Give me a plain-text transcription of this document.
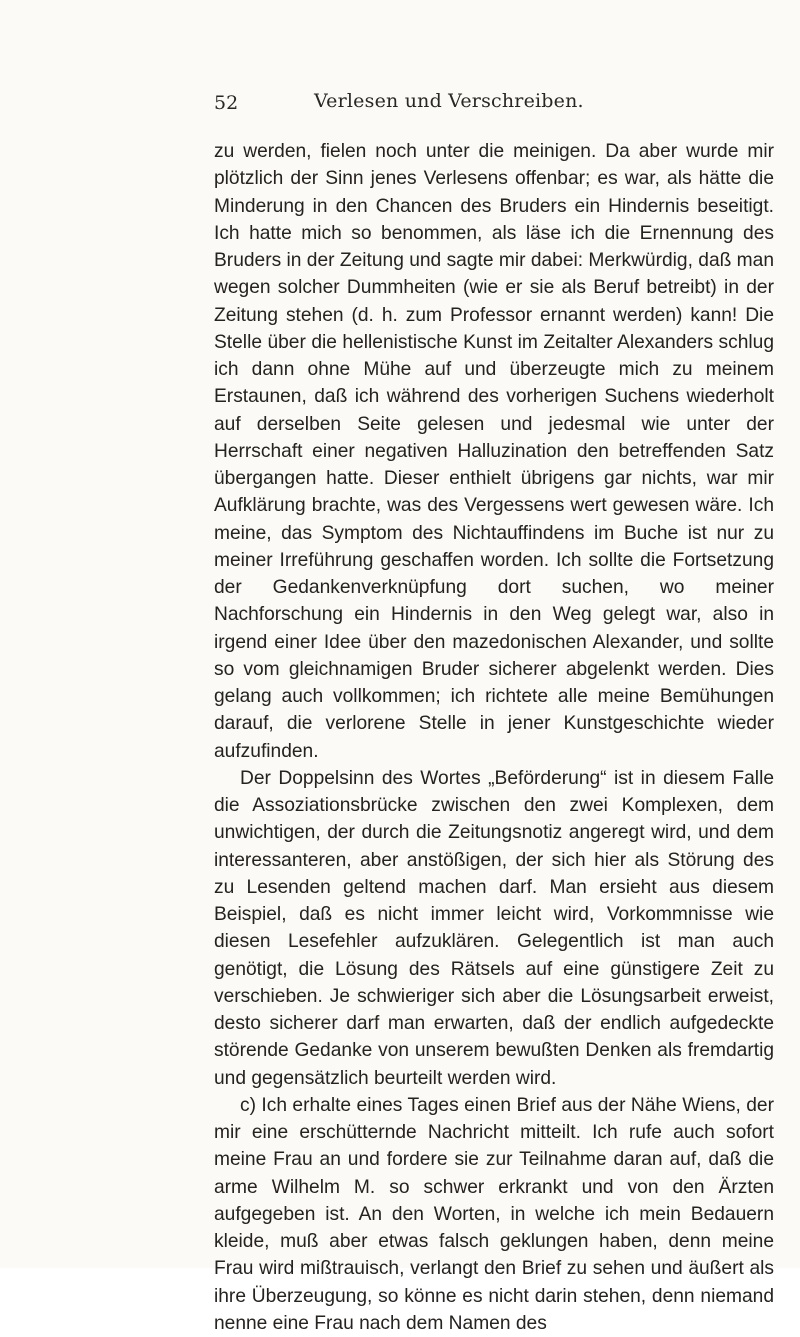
52	Verlesen und Verschreiben.

zu werden, fielen noch unter die meinigen. Da aber wurde mir plötzlich der Sinn jenes Verlesens offenbar; es war, als hätte die Minderung in den Chancen des Bruders ein Hindernis beseitigt. Ich hatte mich so benommen, als läse ich die Ernennung des Bruders in der Zeitung und sagte mir dabei: Merkwürdig, daß man wegen solcher Dummheiten (wie er sie als Beruf betreibt) in der Zeitung stehen (d. h. zum Professor ernannt werden) kann! Die Stelle über die hellenistische Kunst im Zeitalter Alexanders schlug ich dann ohne Mühe auf und überzeugte mich zu meinem Erstaunen, daß ich während des vorherigen Suchens wiederholt auf derselben Seite gelesen und jedesmal wie unter der Herrschaft einer negativen Halluzination den betreffenden Satz übergangen hatte. Dieser enthielt übrigens gar nichts, war mir Aufklärung brachte, was des Vergessens wert gewesen wäre. Ich meine, das Symptom des Nichtauffindens im Buche ist nur zu meiner Irreführung geschaffen worden. Ich sollte die Fortsetzung der Gedankenverknüpfung dort suchen, wo meiner Nachforschung ein Hindernis in den Weg gelegt war, also in irgend einer Idee über den mazedonischen Alexander, und sollte so vom gleichnamigen Bruder sicherer abgelenkt werden. Dies gelang auch vollkommen; ich richtete alle meine Bemühungen darauf, die verlorene Stelle in jener Kunstgeschichte wieder aufzufinden.

Der Doppelsinn des Wortes „Beförderung“ ist in diesem Falle die Assoziationsbrücke zwischen den zwei Komplexen, dem unwichtigen, der durch die Zeitungsnotiz angeregt wird, und dem interessanteren, aber anstößigen, der sich hier als Störung des zu Lesenden geltend machen darf. Man ersieht aus diesem Beispiel, daß es nicht immer leicht wird, Vorkommnisse wie diesen Lesefehler aufzuklären. Gelegentlich ist man auch genötigt, die Lösung des Rätsels auf eine günstigere Zeit zu verschieben. Je schwieriger sich aber die Lösungsarbeit erweist, desto sicherer darf man erwarten, daß der endlich aufgedeckte störende Gedanke von unserem bewußten Denken als fremdartig und gegensätzlich beurteilt werden wird.

c) Ich erhalte eines Tages einen Brief aus der Nähe Wiens, der mir eine erschütternde Nachricht mitteilt. Ich rufe auch sofort meine Frau an und fordere sie zur Teilnahme daran auf, daß die arme Wilhelm M. so schwer erkrankt und von den Ärzten aufgegeben ist. An den Worten, in welche ich mein Bedauern kleide, muß aber etwas falsch geklungen haben, denn meine Frau wird mißtrauisch, verlangt den Brief zu sehen und äußert als ihre Überzeugung, so könne es nicht darin stehen, denn niemand nenne eine Frau nach dem Namen des
